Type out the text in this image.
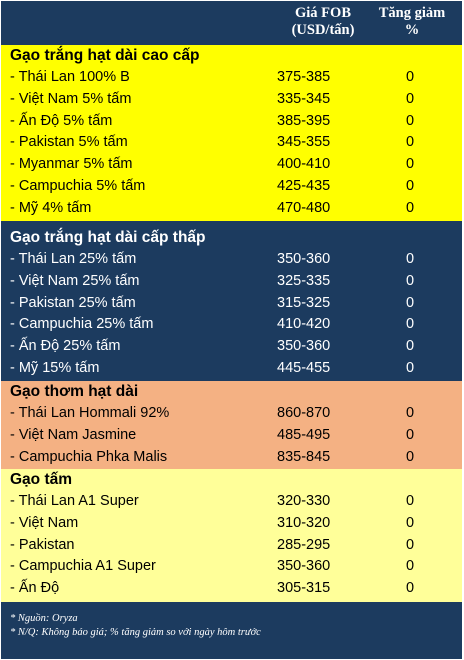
Giá FOB
(USD/tấn)
Tăng giảm
%
Gạo trắng hạt dài cao cấp
- Thái Lan 100% B	375-385	0
- Việt Nam 5% tấm	335-345	0
- Ấn Độ 5% tấm	385-395	0
- Pakistan 5% tấm	345-355	0
- Myanmar 5% tấm	400-410	0
- Campuchia 5% tấm	425-435	0
- Mỹ 4% tấm	470-480	0
Gạo trắng hạt dài cấp thấp
- Thái Lan 25% tấm	350-360	0
- Việt Nam 25% tấm	325-335	0
- Pakistan 25% tấm	315-325	0
- Campuchia 25% tấm	410-420	0
- Ấn Độ 25% tấm	350-360	0
- Mỹ 15% tấm	445-455	0
Gạo thơm hạt dài
- Thái Lan Hommali 92%	860-870	0
- Việt Nam Jasmine	485-495	0
- Campuchia Phka Malis	835-845	0
Gạo tấm
- Thái Lan A1 Super	320-330	0
- Việt Nam	310-320	0
- Pakistan	285-295	0
- Campuchia A1 Super	350-360	0
- Ấn Độ	305-315	0
* Nguồn: Oryza
* N/Q: Không báo giá; % tăng giảm so với ngày hôm trước
